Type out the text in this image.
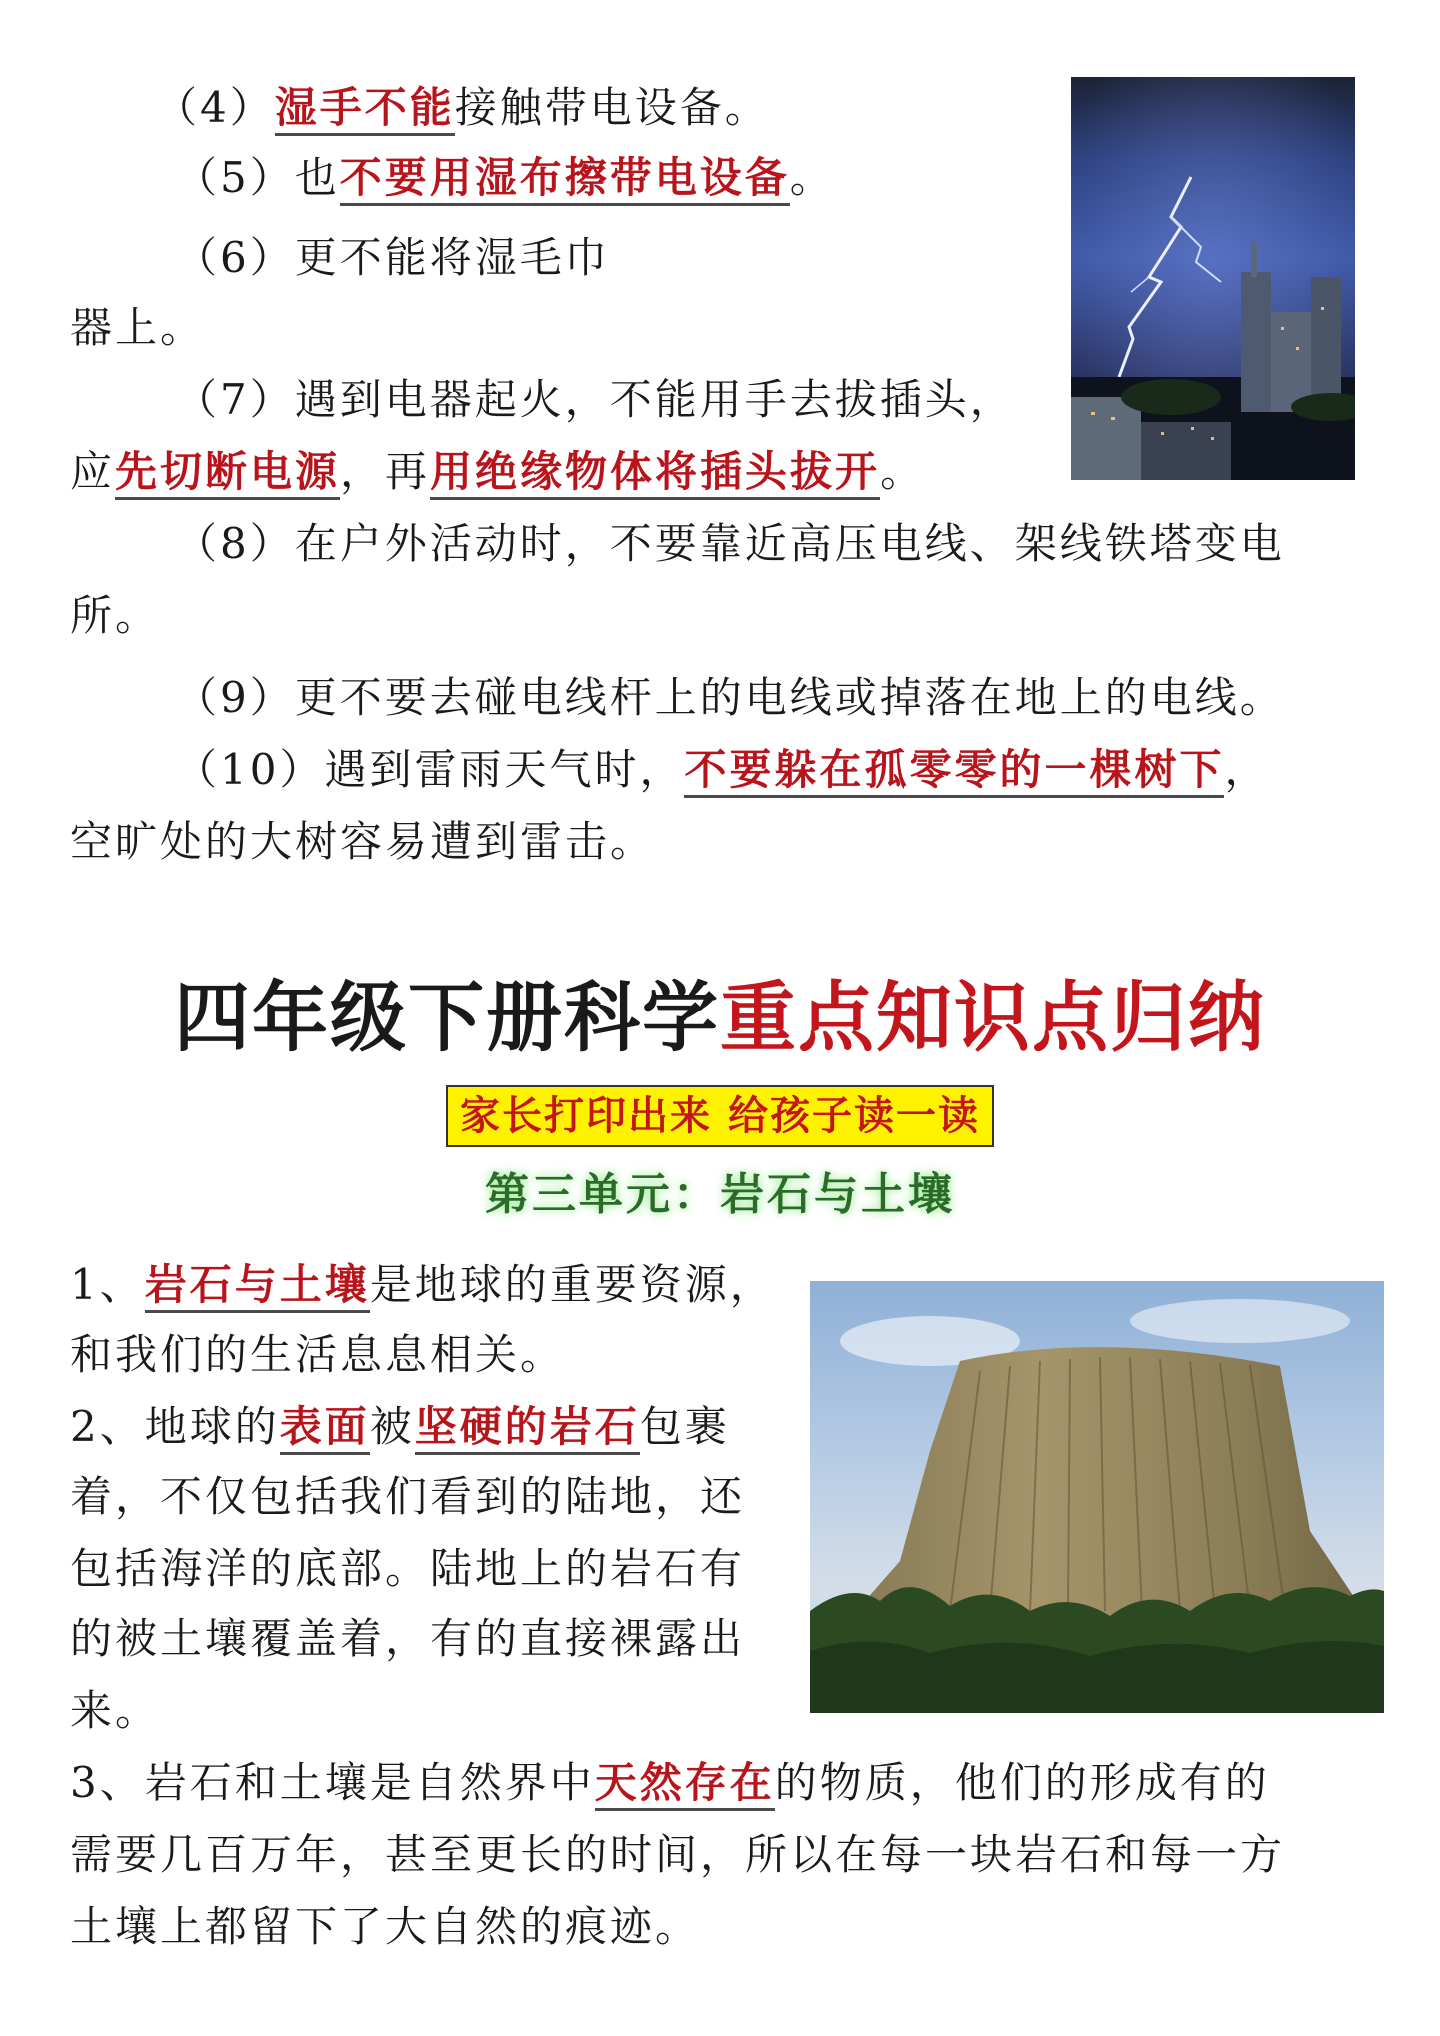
（4）湿手不能接触带电设备。
（5）也不要用湿布擦带电设备。
（6）更不能将湿毛巾
器上。
（7）遇到电器起火，不能用手去拔插头，
应先切断电源，再用绝缘物体将插头拔开。
（8）在户外活动时，不要靠近高压电线、架线铁塔变电
所。
（9）更不要去碰电线杆上的电线或掉落在地上的电线。
（10）遇到雷雨天气时，不要躲在孤零零的一棵树下，
空旷处的大树容易遭到雷击。
四年级下册科学重点知识点归纳
家长打印出来 给孩子读一读
第三单元：岩石与土壤
1、岩石与土壤是地球的重要资源，
和我们的生活息息相关。
2、地球的表面被坚硬的岩石包裹
着，不仅包括我们看到的陆地，还
包括海洋的底部。陆地上的岩石有
的被土壤覆盖着，有的直接裸露出
来。
3、岩石和土壤是自然界中天然存在的物质，他们的形成有的
需要几百万年，甚至更长的时间，所以在每一块岩石和每一方
土壤上都留下了大自然的痕迹。
